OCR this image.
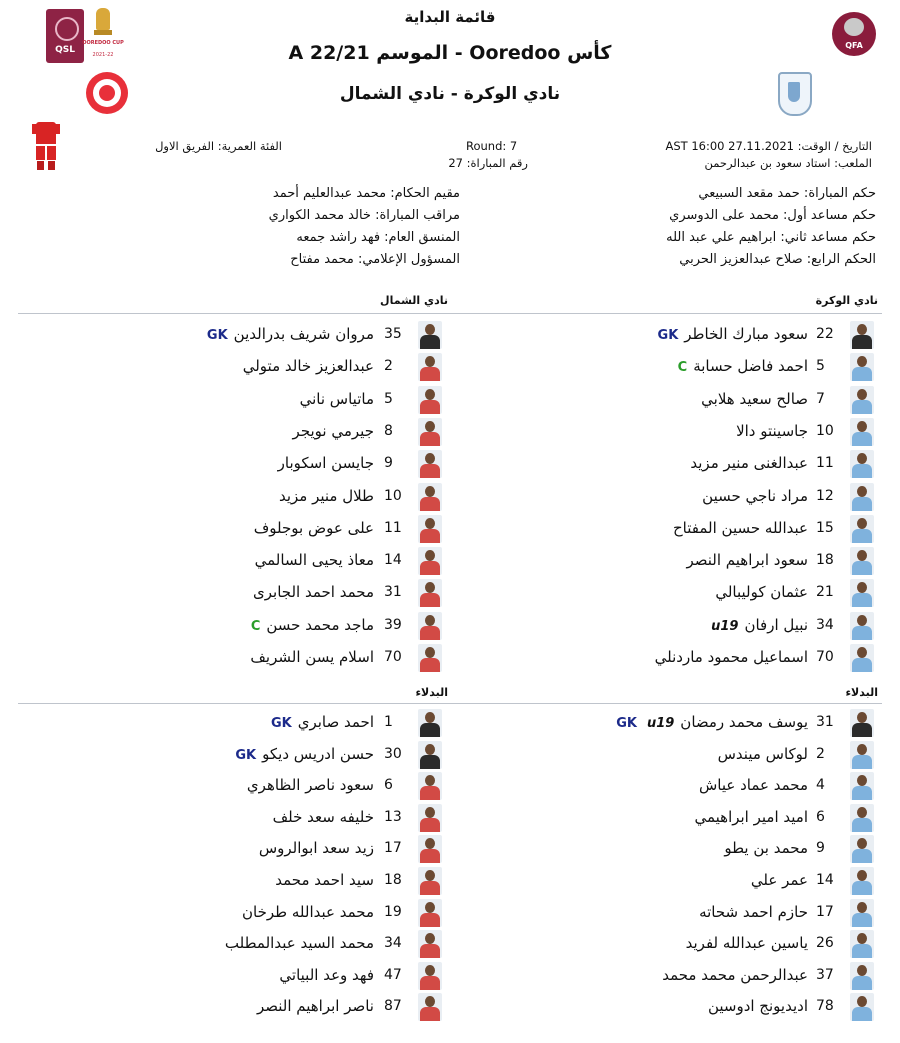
QSL
OOREDOO CUP
2021-22
QFA
قائمة البداية
كأس Ooredoo - الموسم 22/21 A
نادي الوكرة - نادي الشمال
التاريخ / الوقت: 27.11.2021 16:00 AST
الملعب: استاد سعود بن عبدالرحمن
Round: 7
رقم المباراة: 27
الفئة العمرية: الفريق الاول
حكم المباراة: حمد مقعد السبيعي
حكم مساعد أول: محمد على الدوسري
حكم مساعد ثاني: ابراهيم علي عبد الله
الحكم الرابع: صلاح عبدالعزيز الحربي
مقيم الحكام: محمد عبدالعليم أحمد
مراقب المباراة: خالد محمد الكواري
المنسق العام: فهد راشد جمعه
المسؤول الإعلامي: محمد مفتاح
نادي الوكرة
نادي الشمال
البدلاء
البدلاء
22
سعود مبارك الخاطرGK
5
احمد فاضل حسابةC
7
صالح سعيد هلابي
10
جاسينتو دالا
11
عبدالغنى منير مزيد
12
مراد ناجي حسين
15
عبدالله حسين المفتاح
18
سعود ابراهيم النصر
21
عثمان كوليبالي
34
نبيل ارفانu19
70
اسماعيل محمود ماردنلي
35
مروان شريف بدرالدينGK
2
عبدالعزيز خالد متولي
5
ماتياس ناني
8
جيرمي نويجر
9
جايسن اسكوبار
10
طلال منير مزيد
11
على عوض بوجلوف
14
معاذ يحيى السالمي
31
محمد احمد الجابرى
39
ماجد محمد حسنC
70
اسلام يسن الشريف
31
يوسف محمد رمضانGK u19
2
لوكاس ميندس
4
محمد عماد عياش
6
اميد امير ابراهيمي
9
محمد بن يطو
14
عمر علي
17
حازم احمد شحاته
26
ياسين عبدالله لفريد
37
عبدالرحمن محمد محمد
78
اديديونج ادوسين
1
احمد صابريGK
30
حسن ادريس ديكوGK
6
سعود ناصر الظاهري
13
خليفه سعد خلف
17
زيد سعد ابوالروس
18
سيد احمد محمد
19
محمد عبدالله طرخان
34
محمد السيد عبدالمطلب
47
فهد وعد البياتي
87
ناصر ابراهيم النصر
